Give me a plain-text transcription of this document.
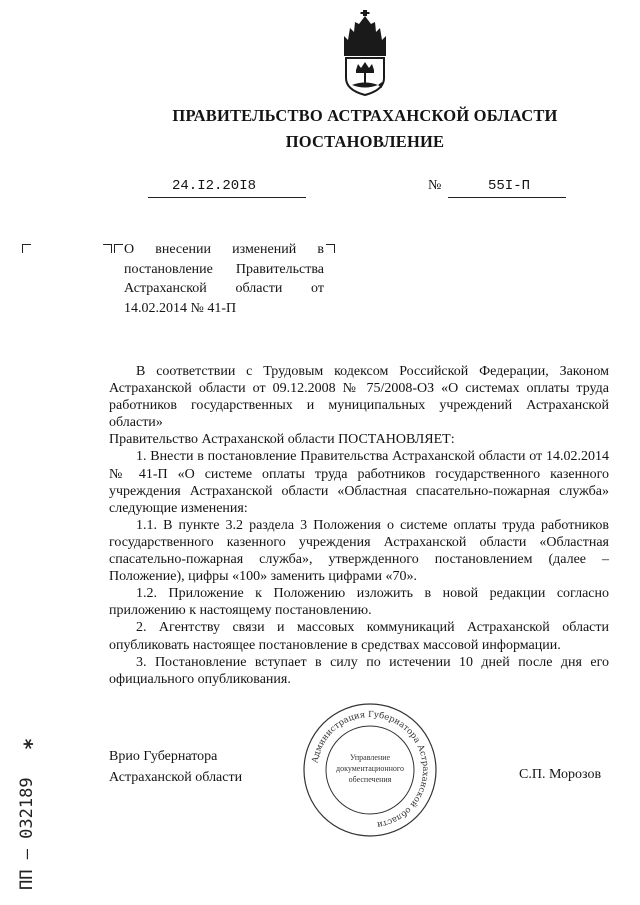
ПРАВИТЕЛЬСТВО АСТРАХАНСКОЙ ОБЛАСТИ
ПОСТАНОВЛЕНИЕ
24.I2.20I8	№	55I-П
О внесении изменений в
постановление Правительства
Астраханской области от
14.02.2014 № 41-П

В соответствии с Трудовым кодексом Российской Федерации, Законом Астраханской области от 09.12.2008 № 75/2008-ОЗ «О системах оплаты труда работников государственных и муниципальных учреждений Астраханской области»

Правительство Астраханской области ПОСТАНОВЛЯЕТ:

1. Внести в постановление Правительства Астраханской области от 14.02.2014 № 41-П «О системе оплаты труда работников государственного казенного учреждения Астраханской области «Областная спасательно-пожарная служба» следующие изменения:

1.1. В пункте 3.2 раздела 3 Положения о системе оплаты труда работников государственного казенного учреждения Астраханской области «Областная спасательно-пожарная служба», утвержденного постановлением (далее – Положение), цифры «100» заменить цифрами «70».

1.2. Приложение к Положению изложить в новой редакции согласно приложению к настоящему постановлению.

2. Агентству связи и массовых коммуникаций Астраханской области опубликовать настоящее постановление в средствах массовой информации.

3. Постановление вступает в силу по истечении 10 дней после дня его официального опубликования.

Врио Губернатора
Астраханской области	С.П. Морозов
Администрация Губернатора Астраханской области
Управление
документационного
обеспечения
*
ПП – 032189
